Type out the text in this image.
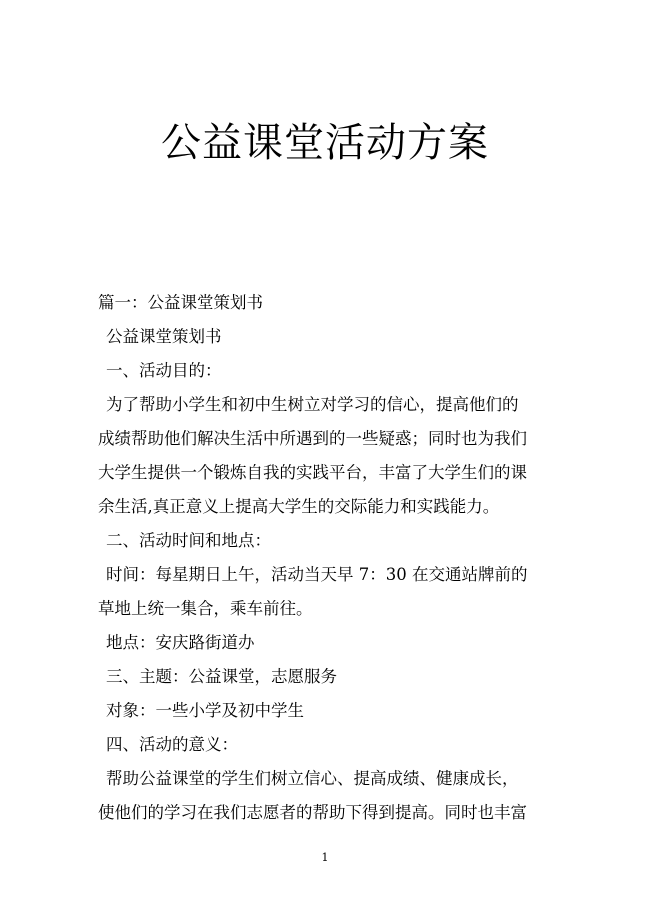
公益课堂活动方案
篇一：公益课堂策划书
公益课堂策划书
一、活动目的：
为了帮助小学生和初中生树立对学习的信心，提高他们的
成绩帮助他们解决生活中所遇到的一些疑惑；同时也为我们
大学生提供一个锻炼自我的实践平台，丰富了大学生们的课
余生活,真正意义上提高大学生的交际能力和实践能力。
二、活动时间和地点：
时间：每星期日上午，活动当天早 7：30 在交通站牌前的
草地上统一集合，乘车前往。
地点：安庆路街道办
三、主题：公益课堂，志愿服务
对象：一些小学及初中学生
四、活动的意义：
帮助公益课堂的学生们树立信心、提高成绩、健康成长，
使他们的学习在我们志愿者的帮助下得到提高。同时也丰富
1
